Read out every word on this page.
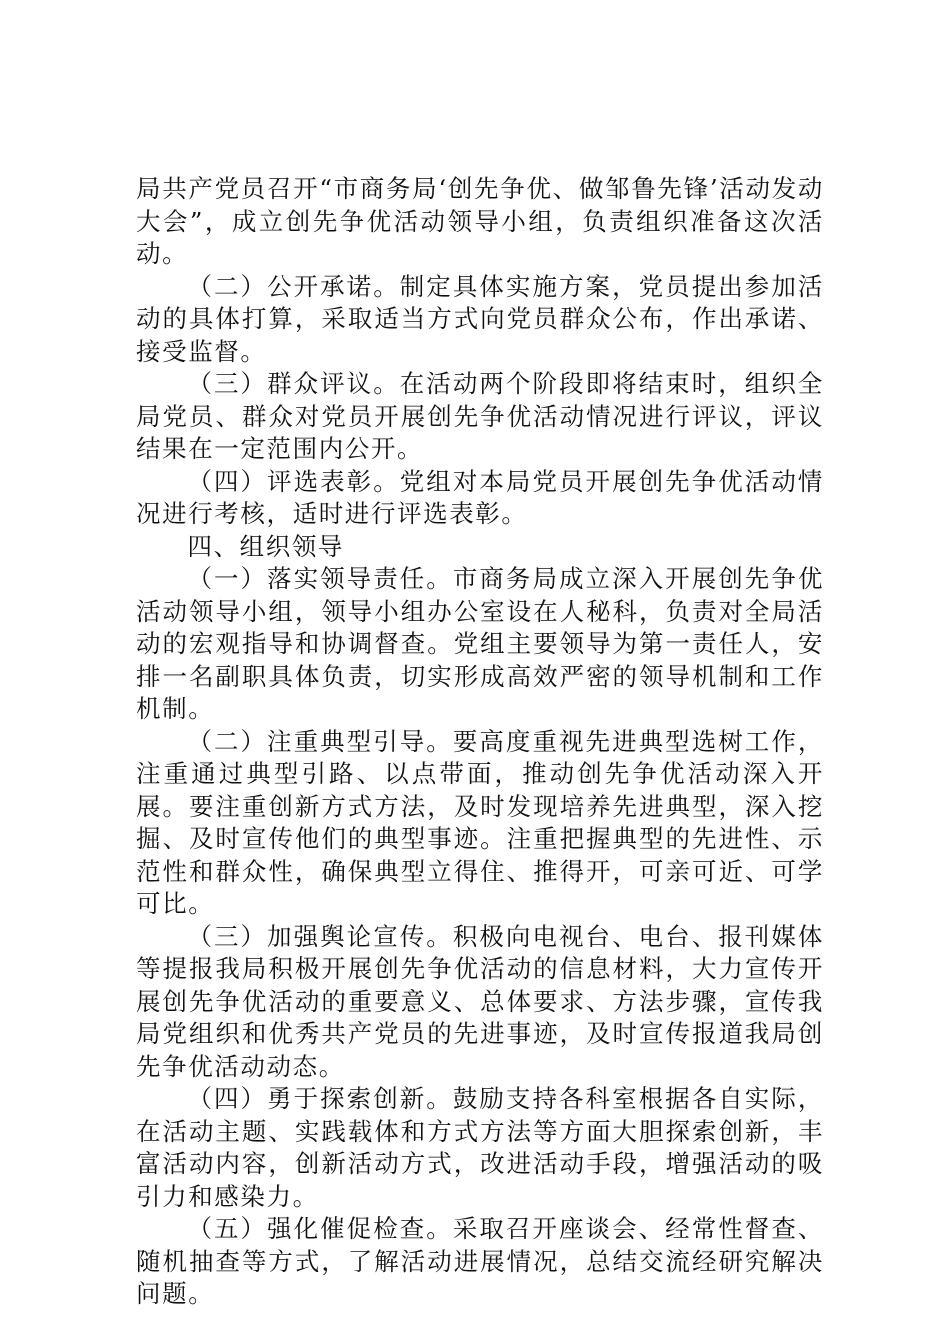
局共产党员召开“市商务局‘创先争优、做邹鲁先锋’活动发动大会”，成立创先争优活动领导小组，负责组织准备这次活动。

（二）公开承诺。制定具体实施方案，党员提出参加活动的具体打算，采取适当方式向党员群众公布，作出承诺、接受监督。

（三）群众评议。在活动两个阶段即将结束时，组织全局党员、群众对党员开展创先争优活动情况进行评议，评议结果在一定范围内公开。

（四）评选表彰。党组对本局党员开展创先争优活动情况进行考核，适时进行评选表彰。

四、组织领导

（一）落实领导责任。市商务局成立深入开展创先争优活动领导小组，领导小组办公室设在人秘科，负责对全局活动的宏观指导和协调督查。党组主要领导为第一责任人，安排一名副职具体负责，切实形成高效严密的领导机制和工作机制。

（二）注重典型引导。要高度重视先进典型选树工作，注重通过典型引路、以点带面，推动创先争优活动深入开展。要注重创新方式方法，及时发现培养先进典型，深入挖掘、及时宣传他们的典型事迹。注重把握典型的先进性、示范性和群众性，确保典型立得住、推得开，可亲可近、可学可比。

（三）加强舆论宣传。积极向电视台、电台、报刊媒体等提报我局积极开展创先争优活动的信息材料，大力宣传开展创先争优活动的重要意义、总体要求、方法步骤，宣传我局党组织和优秀共产党员的先进事迹，及时宣传报道我局创先争优活动动态。

（四）勇于探索创新。鼓励支持各科室根据各自实际，在活动主题、实践载体和方式方法等方面大胆探索创新，丰富活动内容，创新活动方式，改进活动手段，增强活动的吸引力和感染力。

（五）强化催促检查。采取召开座谈会、经常性督查、随机抽查等方式，了解活动进展情况，总结交流经研究解决问题。
